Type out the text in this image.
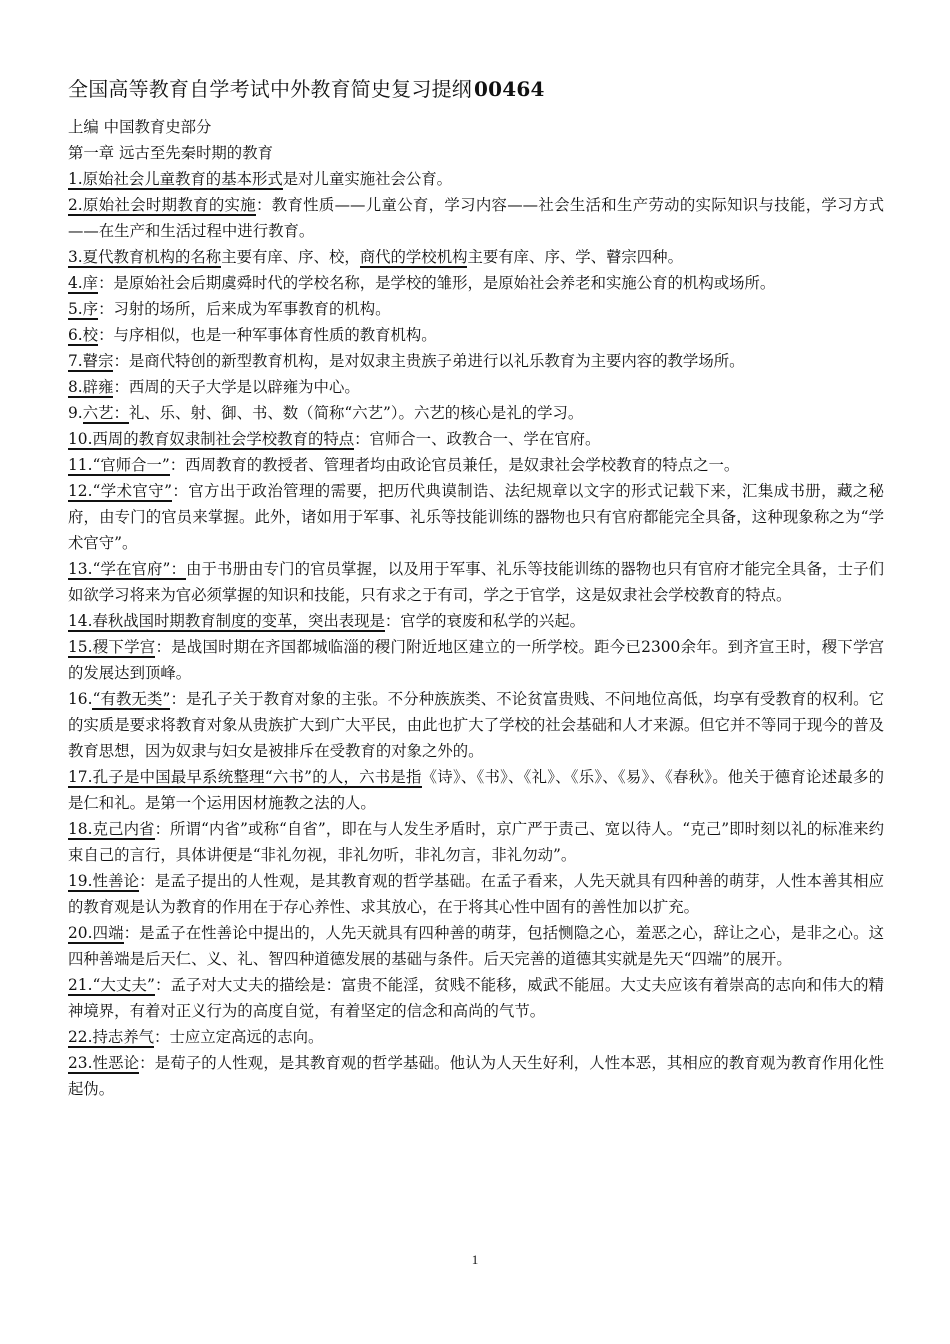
全国高等教育自学考试中外教育简史复习提纲 00464

上编 中国教育史部分

第一章 远古至先秦时期的教育

1.原始社会儿童教育的基本形式是对儿童实施社会公育。

2.原始社会时期教育的实施：教育性质——儿童公育，学习内容——社会生活和生产劳动的实际知识与技能，学习方式——在生产和生活过程中进行教育。

3.夏代教育机构的名称主要有庠、序、校，商代的学校机构主要有庠、序、学、瞽宗四种。

4.庠：是原始社会后期虞舜时代的学校名称，是学校的雏形，是原始社会养老和实施公育的机构或场所。

5.序：习射的场所，后来成为军事教育的机构。

6.校：与序相似，也是一种军事体育性质的教育机构。

7.瞽宗：是商代特创的新型教育机构，是对奴隶主贵族子弟进行以礼乐教育为主要内容的教学场所。

8.辟雍：西周的天子大学是以辟雍为中心。

9.六艺：礼、乐、射、御、书、数（简称“六艺”）。六艺的核心是礼的学习。

10.西周的教育奴隶制社会学校教育的特点：官师合一、政教合一、学在官府。

11.“官师合一”：西周教育的教授者、管理者均由政论官员兼任，是奴隶社会学校教育的特点之一。

12.“学术官守”：官方出于政治管理的需要，把历代典谟制诰、法纪规章以文字的形式记载下来，汇集成书册，藏之秘府，由专门的官员来掌握。此外，诸如用于军事、礼乐等技能训练的器物也只有官府都能完全具备，这种现象称之为“学术官守”。

13.“学在官府”：由于书册由专门的官员掌握，以及用于军事、礼乐等技能训练的器物也只有官府才能完全具备，士子们如欲学习将来为官必须掌握的知识和技能，只有求之于有司，学之于官学，这是奴隶社会学校教育的特点。

14.春秋战国时期教育制度的变革，突出表现是：官学的衰废和私学的兴起。

15.稷下学宫：是战国时期在齐国都城临淄的稷门附近地区建立的一所学校。距今已2300余年。到齐宣王时，稷下学宫的发展达到顶峰。

16.“有教无类”：是孔子关于教育对象的主张。不分种族族类、不论贫富贵贱、不问地位高低，均享有受教育的权利。它的实质是要求将教育对象从贵族扩大到广大平民，由此也扩大了学校的社会基础和人才来源。但它并不等同于现今的普及教育思想，因为奴隶与妇女是被排斥在受教育的对象之外的。

17.孔子是中国最早系统整理“六书”的人，六书是指《诗》、《书》、《礼》、《乐》、《易》、《春秋》。他关于德育论述最多的是仁和礼。是第一个运用因材施教之法的人。

18.克己内省：所谓“内省”或称“自省”，即在与人发生矛盾时，京广严于责己、宽以待人。“克己”即时刻以礼的标准来约束自己的言行，具体讲便是“非礼勿视，非礼勿听，非礼勿言，非礼勿动”。

19.性善论：是孟子提出的人性观，是其教育观的哲学基础。在孟子看来，人先天就具有四种善的萌芽，人性本善其相应的教育观是认为教育的作用在于存心养性、求其放心，在于将其心性中固有的善性加以扩充。

20.四端：是孟子在性善论中提出的，人先天就具有四种善的萌芽，包括恻隐之心，羞恶之心，辞让之心，是非之心。这四种善端是后天仁、义、礼、智四种道德发展的基础与条件。后天完善的道德其实就是先天“四端”的展开。

21.“大丈夫”：孟子对大丈夫的描绘是：富贵不能淫，贫贱不能移，威武不能屈。大丈夫应该有着崇高的志向和伟大的精神境界，有着对正义行为的高度自觉，有着坚定的信念和高尚的气节。

22.持志养气：士应立定高远的志向。

23.性恶论：是荀子的人性观，是其教育观的哲学基础。他认为人天生好利，人性本恶，其相应的教育观为教育作用化性起伪。

1
